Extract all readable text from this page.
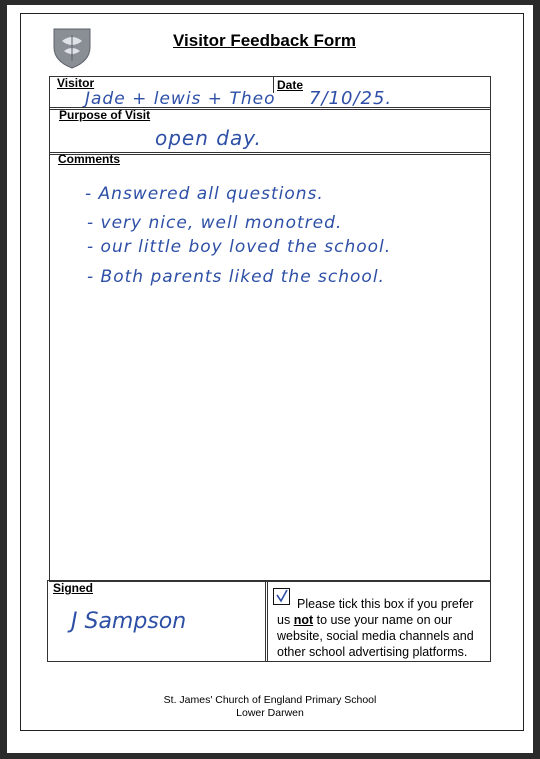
Visitor Feedback Form
Visitor	Date
Jade + lewis + Theo 7/10/25.
Purpose of Visit
open day.
Comments
- Answered all questions.
- very nice, well monotred.
- our little boy loved the school.
- Both parents liked the school.
Signed
J Sampson
Please tick this box if you prefer us not to use your name on our website, social media channels and other school advertising platforms.
St. James' Church of England Primary School
Lower Darwen
